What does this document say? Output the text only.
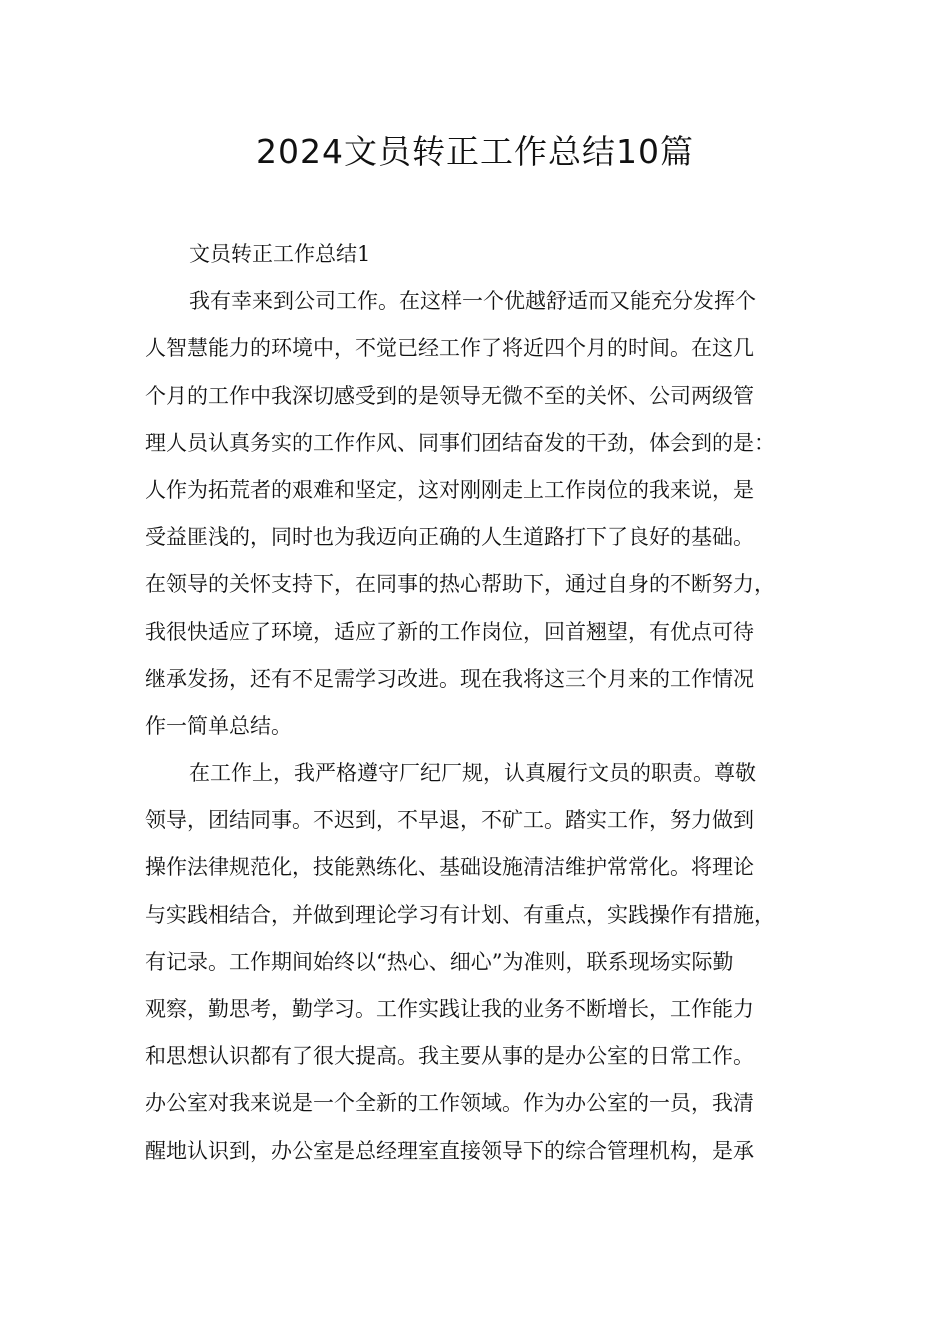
2024文员转正工作总结10篇
文员转正工作总结1
我有幸来到公司工作。在这样一个优越舒适而又能充分发挥个
人智慧能力的环境中，不觉已经工作了将近四个月的时间。在这几
个月的工作中我深切感受到的是领导无微不至的关怀、公司两级管
理人员认真务实的工作作风、同事们团结奋发的干劲，体会到的是：
人作为拓荒者的艰难和坚定，这对刚刚走上工作岗位的我来说，是
受益匪浅的，同时也为我迈向正确的人生道路打下了良好的基础。
在领导的关怀支持下，在同事的热心帮助下，通过自身的不断努力，
我很快适应了环境，适应了新的工作岗位，回首翘望，有优点可待
继承发扬，还有不足需学习改进。现在我将这三个月来的工作情况
作一简单总结。
在工作上，我严格遵守厂纪厂规，认真履行文员的职责。尊敬
领导，团结同事。不迟到，不早退，不矿工。踏实工作，努力做到
操作法律规范化，技能熟练化、基础设施清洁维护常常化。将理论
与实践相结合，并做到理论学习有计划、有重点，实践操作有措施，
有记录。工作期间始终以“热心、细心”为准则，联系现场实际勤
观察，勤思考，勤学习。工作实践让我的业务不断增长，工作能力
和思想认识都有了很大提高。我主要从事的是办公室的日常工作。
办公室对我来说是一个全新的工作领域。作为办公室的一员，我清
醒地认识到，办公室是总经理室直接领导下的综合管理机构，是承
